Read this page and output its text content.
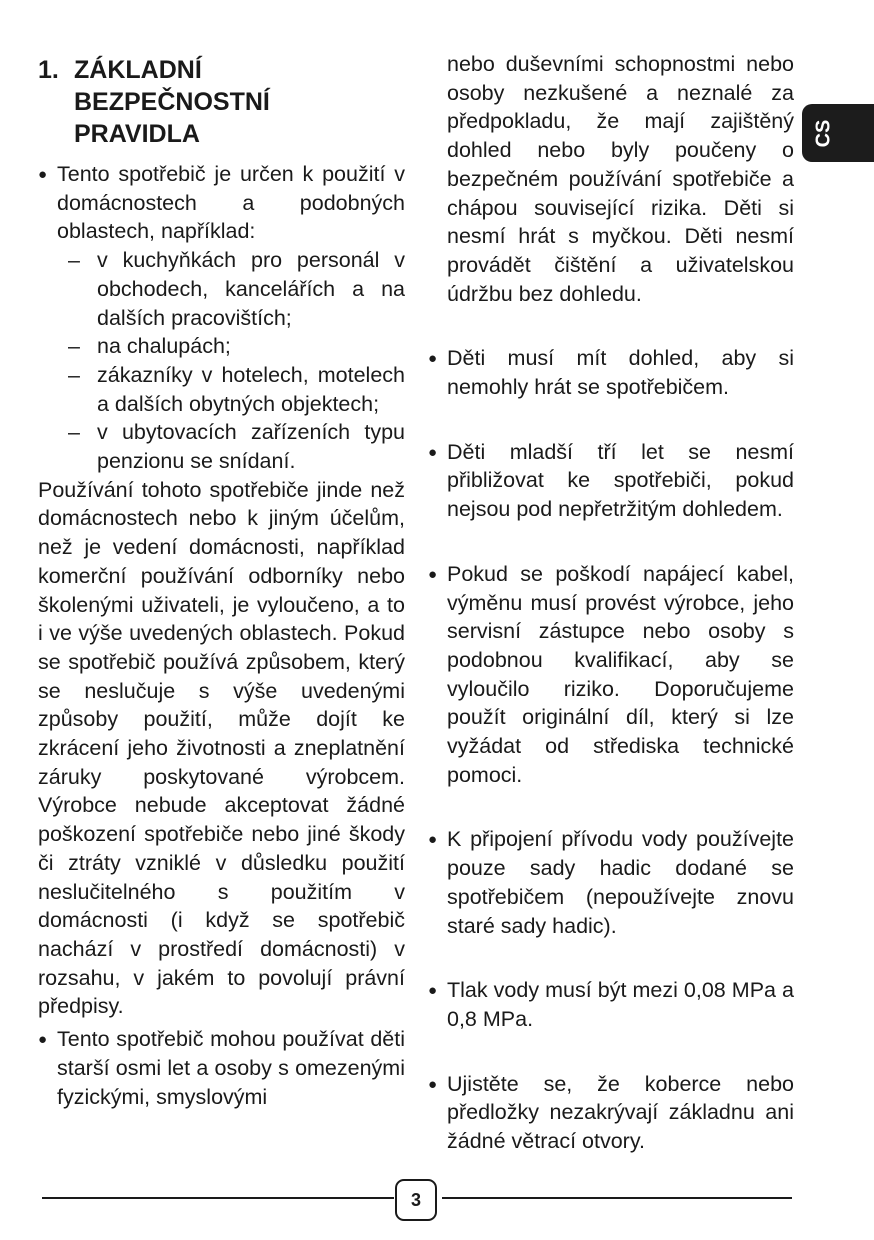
CS
1. ZÁKLADNÍ BEZPEČNOSTNÍ PRAVIDLA
● Tento spotřebič je určen k použití v domácnostech a podobných oblastech, například:
– v kuchyňkách pro personál v obchodech, kancelářích a na dalších pracovištích;
– na chalupách;
– zákazníky v hotelech, motelech a dalších obytných objektech;
– v ubytovacích zařízeních typu penzionu se snídaní.

Používání tohoto spotřebiče jinde než domácnostech nebo k jiným účelům, než je vedení domácnosti, například komerční používání odborníky nebo školenými uživateli, je vyloučeno, a to i ve výše uvedených oblastech. Pokud se spotřebič používá způsobem, který se neslučuje s výše uvedenými způsoby použití, může dojít ke zkrácení jeho životnosti a zneplatnění záruky poskytované výrobcem. Výrobce nebude akceptovat žádné poškození spotřebiče nebo jiné škody či ztráty vzniklé v důsledku použití neslučitelného s použitím v domácnosti (i když se spotřebič nachází v prostředí domácnosti) v rozsahu, v jakém to povolují právní předpisy.

● Tento spotřebič mohou používat děti starší osmi let a osoby s omezenými fyzickými, smyslovými

nebo duševními schopnostmi nebo osoby nezkušené a neznalé za předpokladu, že mají zajištěný dohled nebo byly poučeny o bezpečném používání spotřebiče a chápou související rizika. Děti si nesmí hrát s myčkou. Děti nesmí provádět čištění a uživatelskou údržbu bez dohledu.

● Děti musí mít dohled, aby si nemohly hrát se spotřebičem.
● Děti mladší tří let se nesmí přibližovat ke spotřebiči, pokud nejsou pod nepřetržitým dohledem.
● Pokud se poškodí napájecí kabel, výměnu musí provést výrobce, jeho servisní zástupce nebo osoby s podobnou kvalifikací, aby se vyloučilo riziko. Doporučujeme použít originální díl, který si lze vyžádat od střediska technické pomoci.
● K připojení přívodu vody používejte pouze sady hadic dodané se spotřebičem (nepoužívejte znovu staré sady hadic).
● Tlak vody musí být mezi 0,08 MPa a 0,8 MPa.
● Ujistěte se, že koberce nebo předložky nezakrývají základnu ani žádné větrací otvory.
3
